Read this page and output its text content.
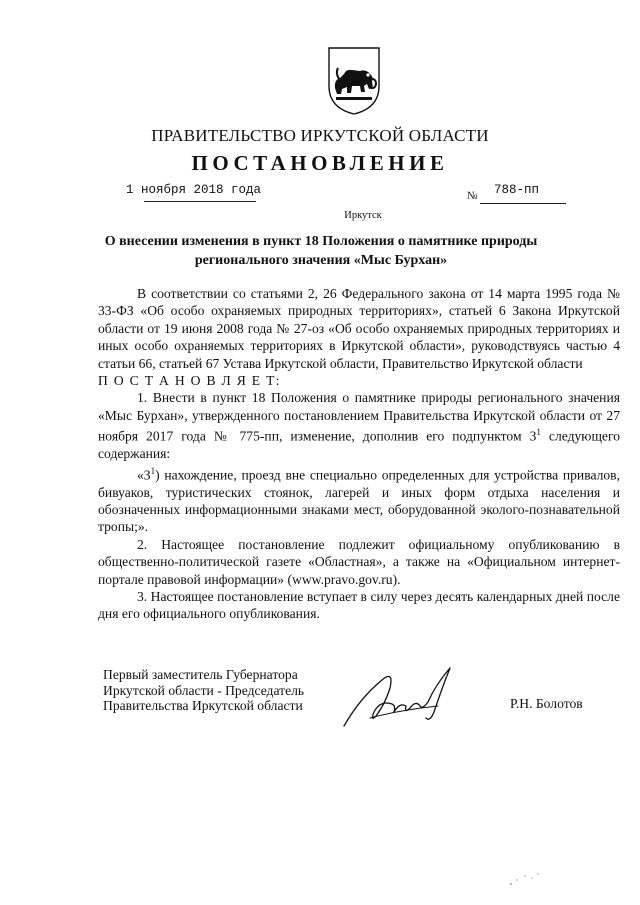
ПРАВИТЕЛЬСТВО ИРКУТСКОЙ ОБЛАСТИ
ПОСТАНОВЛЕНИЕ
1 ноября 2018 года	№ 788-пп
Иркутск
О внесении изменения в пункт 18 Положения о памятнике природы
регионального значения «Мыс Бурхан»

В соответствии со статьями 2, 26 Федерального закона от 14 марта 1995 года № 33-ФЗ «Об особо охраняемых природных территориях», статьей 6 Закона Иркутской области от 19 июня 2008 года № 27-оз «Об особо охраняемых природных территориях и иных особо охраняемых территориях в Иркутской области», руководствуясь частью 4 статьи 66, статьей 67 Устава Иркутской области, Правительство Иркутской области

П О С Т А Н О В Л Я Е Т:

1. Внести в пункт 18 Положения о памятнике природы регионального значения «Мыс Бурхан», утвержденного постановлением Правительства Иркутской области от 27 ноября 2017 года № 775-пп, изменение, дополнив его подпунктом $3^1$ следующего содержания:

«$3^1$) нахождение, проезд вне специально определенных для устройства привалов, бивуаков, туристических стоянок, лагерей и иных форм отдыха населения и обозначенных информационными знаками мест, оборудованной эколого-познавательной тропы;».

2. Настоящее постановление подлежит официальному опубликованию в общественно-политической газете «Областная», а также на «Официальном интернет-портале правовой информации» (www.pravo.gov.ru).

3. Настоящее постановление вступает в силу через десять календарных дней после дня его официального опубликования.

Первый заместитель Губернатора
Иркутской области - Председатель
Правительства Иркутской области	Р.Н. Болотов
